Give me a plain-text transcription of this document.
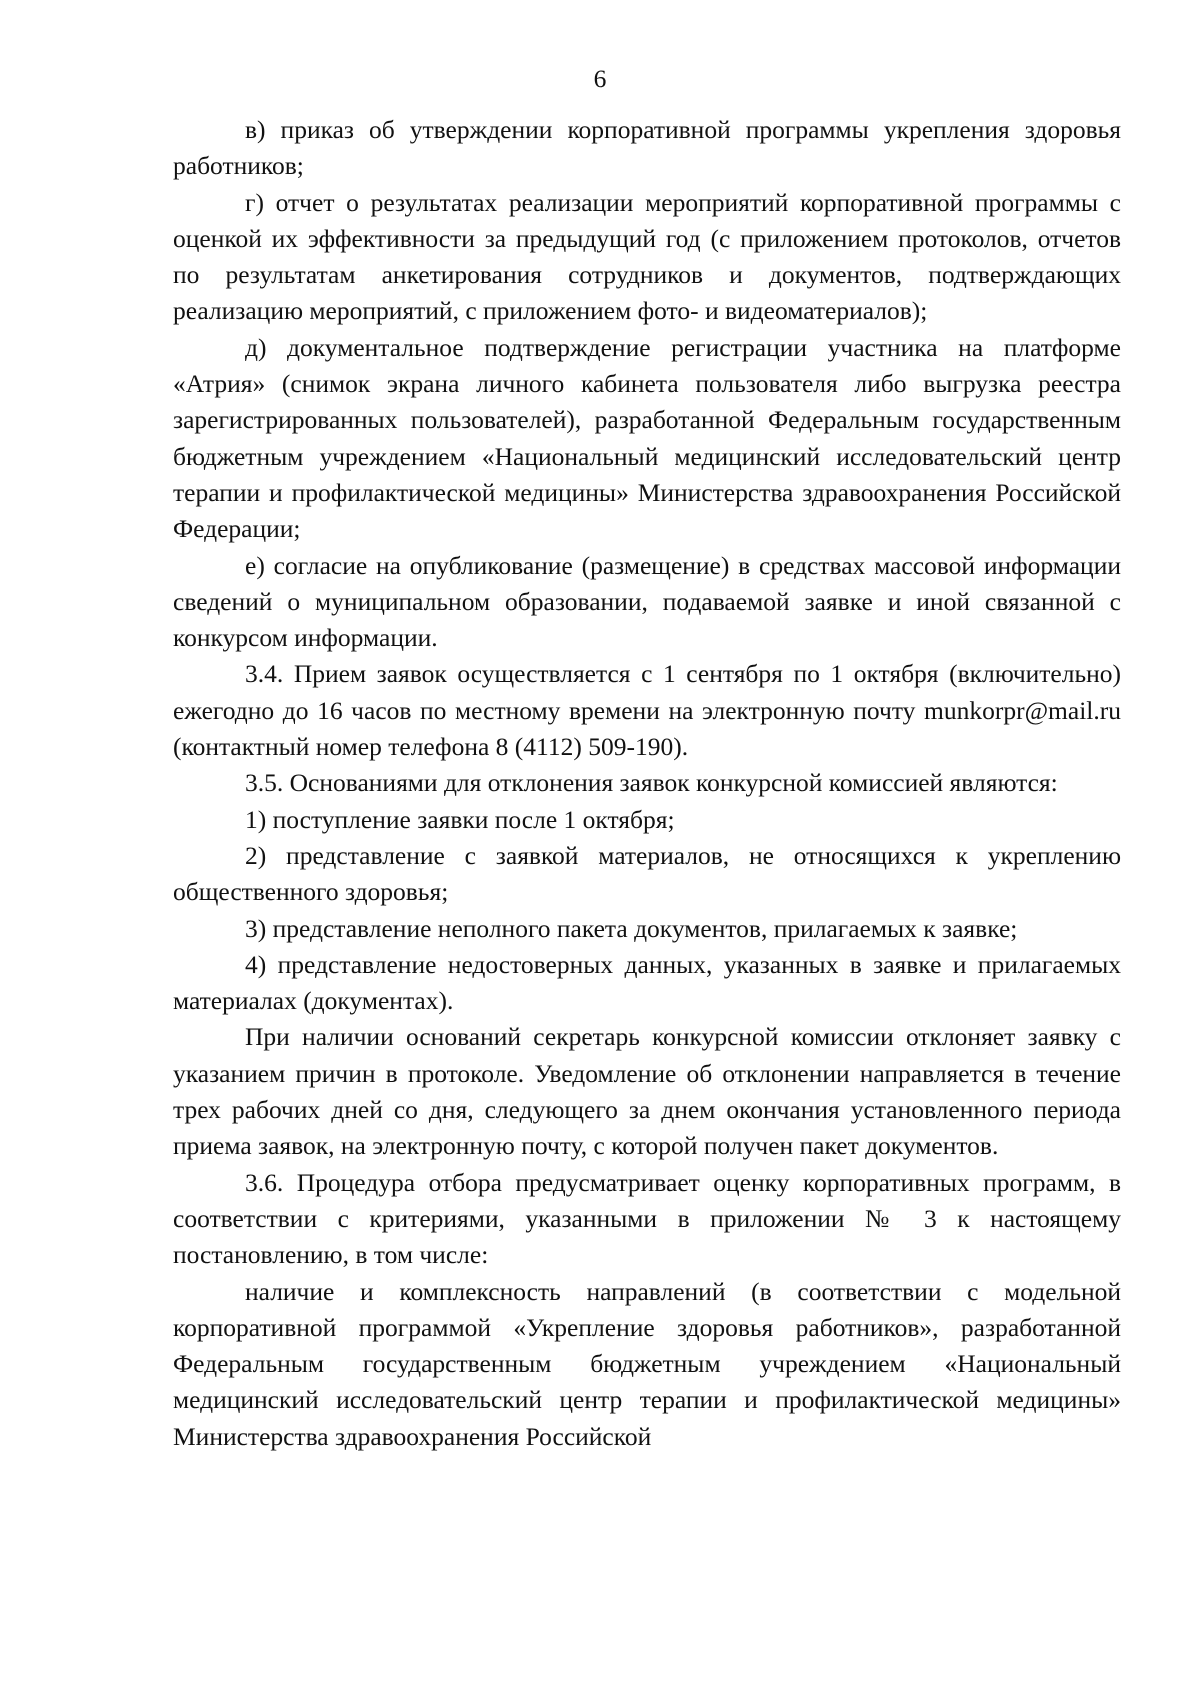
6

в) приказ об утверждении корпоративной программы укрепления здоровья работников;

г) отчет о результатах реализации мероприятий корпоративной программы с оценкой их эффективности за предыдущий год (с приложением протоколов, отчетов по результатам анкетирования сотрудников и документов, подтверждающих реализацию мероприятий, с приложением фото- и видеоматериалов);

д) документальное подтверждение регистрации участника на платформе «Атрия» (снимок экрана личного кабинета пользователя либо выгрузка реестра зарегистрированных пользователей), разработанной Федеральным государственным бюджетным учреждением «Национальный медицинский исследовательский центр терапии и профилактической медицины» Министерства здравоохранения Российской Федерации;

е) согласие на опубликование (размещение) в средствах массовой информации сведений о муниципальном образовании, подаваемой заявке и иной связанной с конкурсом информации.

3.4. Прием заявок осуществляется с 1 сентября по 1 октября (включительно) ежегодно до 16 часов по местному времени на электронную почту munkorpr@mail.ru (контактный номер телефона 8 (4112) 509-190).

3.5. Основаниями для отклонения заявок конкурсной комиссией являются:

1) поступление заявки после 1 октября;

2) представление с заявкой материалов, не относящихся к укреплению общественного здоровья;

3) представление неполного пакета документов, прилагаемых к заявке;

4) представление недостоверных данных, указанных в заявке и прилагаемых материалах (документах).

При наличии оснований секретарь конкурсной комиссии отклоняет заявку с указанием причин в протоколе. Уведомление об отклонении направляется в течение трех рабочих дней со дня, следующего за днем окончания установленного периода приема заявок, на электронную почту, с которой получен пакет документов.

3.6. Процедура отбора предусматривает оценку корпоративных программ, в соответствии с критериями, указанными в приложении № 3 к настоящему постановлению, в том числе:

наличие и комплексность направлений (в соответствии с модельной корпоративной программой «Укрепление здоровья работников», разработанной Федеральным государственным бюджетным учреждением «Национальный медицинский исследовательский центр терапии и профилактической медицины» Министерства здравоохранения Российской
